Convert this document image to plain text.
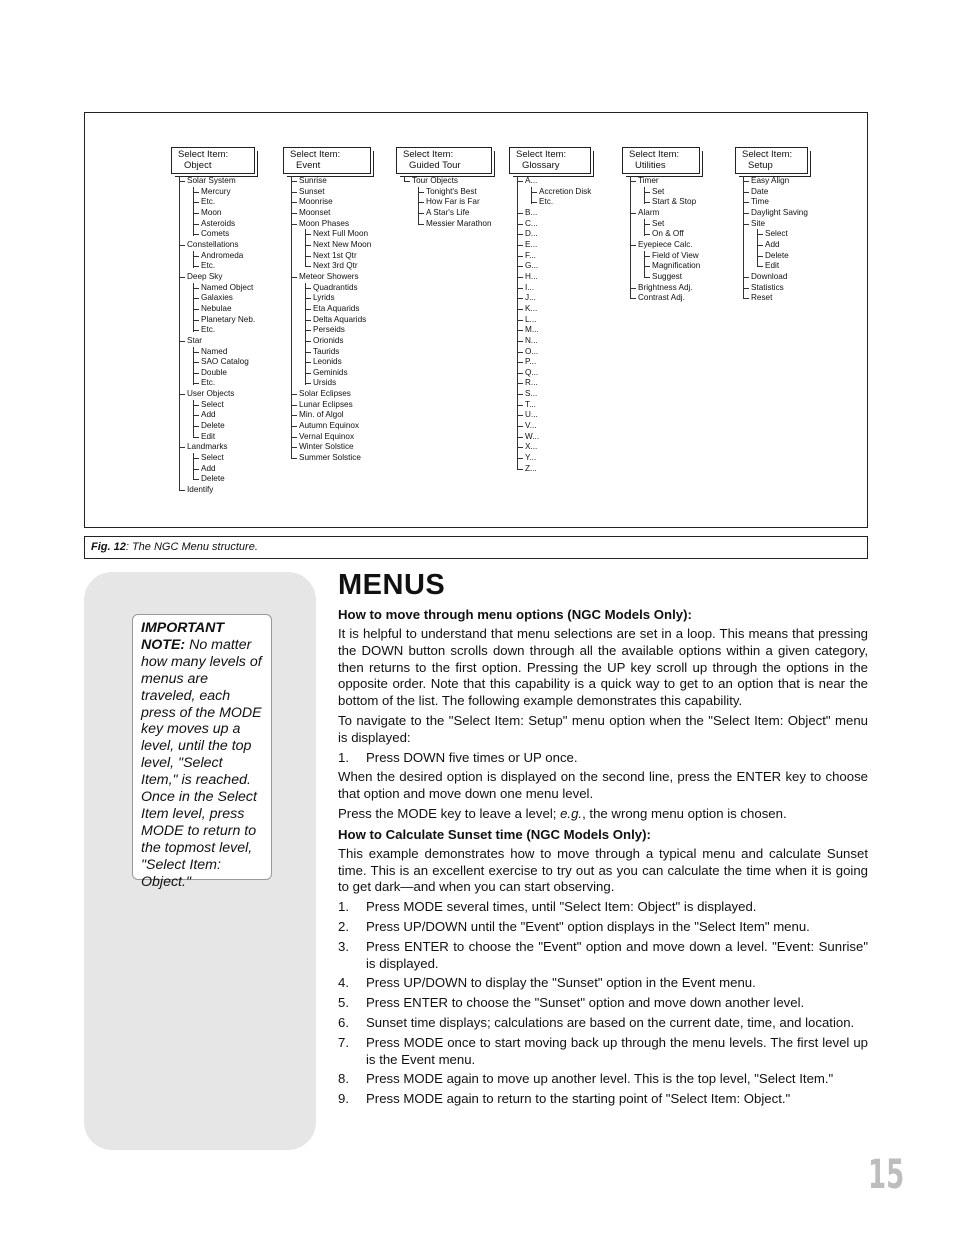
Select Item:
Object
Solar System
Mercury
Etc.
Moon
Asteroids
Comets
Constellations
Andromeda
Etc.
Deep Sky
Named Object
Galaxies
Nebulae
Planetary Neb.
Etc.
Star
Named
SAO Catalog
Double
Etc.
User Objects
Select
Add
Delete
Edit
Landmarks
Select
Add
Delete
Identify
Select Item:
Event
Sunrise
Sunset
Moonrise
Moonset
Moon Phases
Next Full Moon
Next New Moon
Next 1st Qtr
Next 3rd Qtr
Meteor Showers
Quadrantids
Lyrids
Eta Aquarids
Delta Aquarids
Perseids
Orionids
Taurids
Leonids
Geminids
Ursids
Solar Eclipses
Lunar Eclipses
Min. of Algol
Autumn Equinox
Vernal Equinox
Winter Solstice
Summer Solstice
Select Item:
Guided Tour
Tour Objects
Tonight's Best
How Far is Far
A Star's Life
Messier Marathon
Select Item:
Glossary
A...
Accretion Disk
Etc.
B...
C...
D...
E...
F...
G...
H...
I...
J...
K...
L...
M...
N...
O...
P...
Q...
R...
S...
T...
U...
V...
W...
X...
Y...
Z...
Select Item:
Utilities
Timer
Set
Start & Stop
Alarm
Set
On & Off
Eyepiece Calc.
Field of View
Magnification
Suggest
Brightness Adj.
Contrast Adj.
Select Item:
Setup
Easy Align
Date
Time
Daylight Saving
Site
Select
Add
Delete
Edit
Download
Statistics
Reset
Fig. 12: The NGC Menu structure.
IMPORTANT NOTE: No matter how many levels of menus are traveled, each press of the MODE key moves up a level, until the top level, "Select Item," is reached. Once in the Select Item level, press MODE to return to the topmost level, "Select Item: Object."
MENUS
How to move through menu options (NGC Models Only):

It is helpful to understand that menu selections are set in a loop. This means that pressing the DOWN button scrolls down through all the available options within a given category, then returns to the first option. Pressing the UP key scroll up through the options in the opposite order. Note that this capability is a quick way to get to an option that is near the bottom of the list. The following example demonstrates this capability.

To navigate to the "Select Item: Setup" menu option when the "Select Item: Object" menu is displayed:

1. Press DOWN five times or UP once.

When the desired option is displayed on the second line, press the ENTER key to choose that option and move down one menu level.

Press the MODE key to leave a level; e.g., the wrong menu option is chosen.

How to Calculate Sunset time (NGC Models Only):

This example demonstrates how to move through a typical menu and calculate Sunset time. This is an excellent exercise to try out as you can calculate the time when it is going to get dark—and when you can start observing.

1. Press MODE several times, until "Select Item: Object" is displayed.
2. Press UP/DOWN until the "Event" option displays in the "Select Item" menu.
3. Press ENTER to choose the "Event" option and move down a level. "Event: Sunrise" is displayed.
4. Press UP/DOWN to display the "Sunset" option in the Event menu.
5. Press ENTER to choose the "Sunset" option and move down another level.
6. Sunset time displays; calculations are based on the current date, time, and location.
7. Press MODE once to start moving back up through the menu levels. The first level up is the Event menu.
8. Press MODE again to move up another level. This is the top level, "Select Item."
9. Press MODE again to return to the starting point of "Select Item: Object."
15
